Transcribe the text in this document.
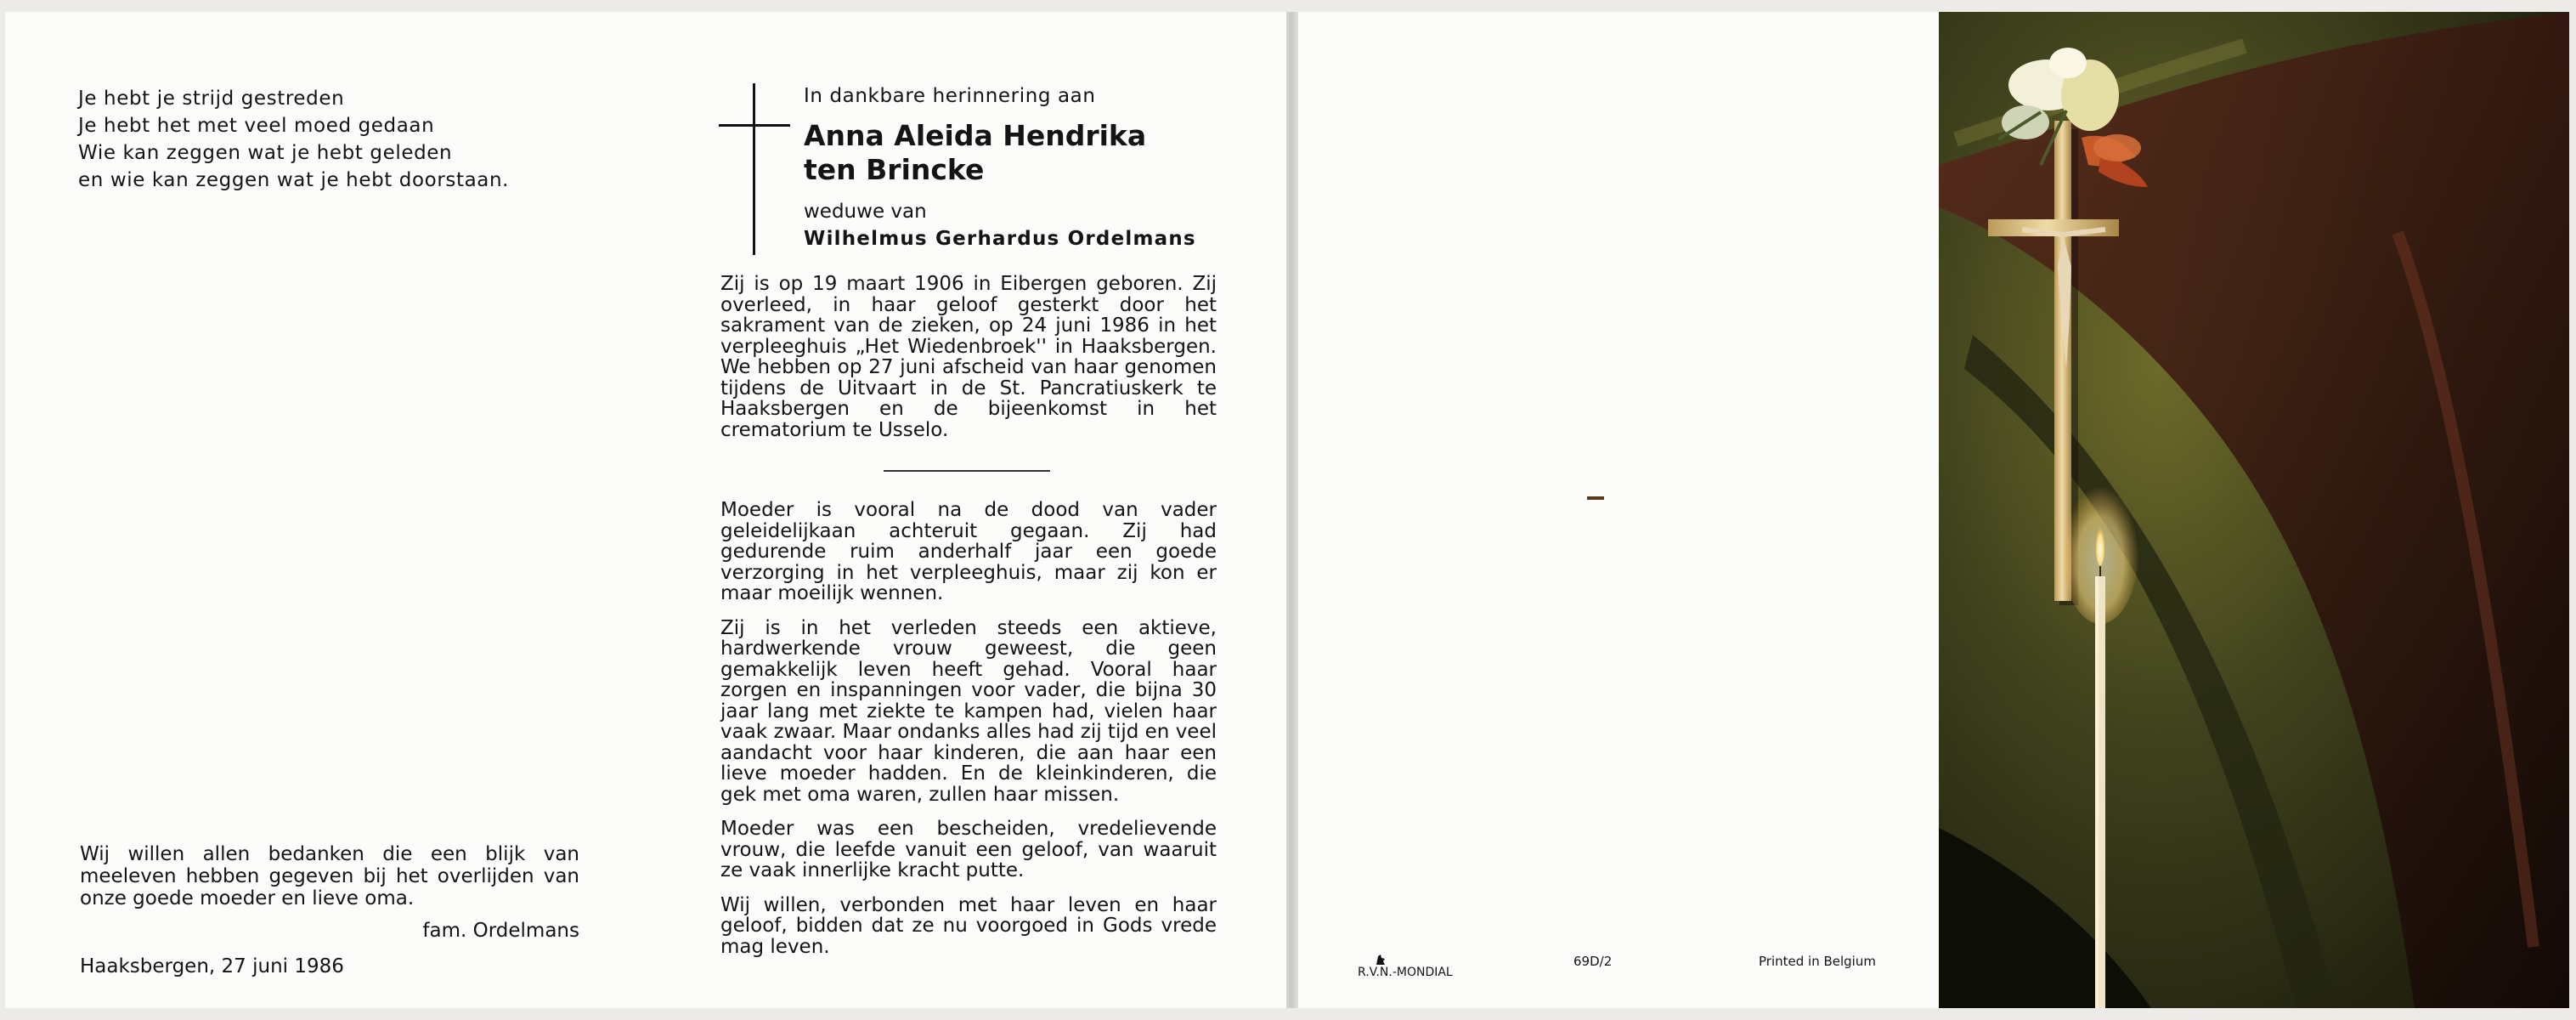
Je hebt je strijd gestreden
Je hebt het met veel moed gedaan
Wie kan zeggen wat je hebt geleden
en wie kan zeggen wat je hebt doorstaan.
Wij willen allen bedanken die een blijk van meeleven hebben gegeven bij het overlijden van onze goede moeder en lieve oma.
fam. Ordelmans
Haaksbergen, 27 juni 1986
In dankbare herinnering aan
Anna Aleida Hendrika
ten Brincke
weduwe van
Wilhelmus Gerhardus Ordelmans
Zij is op 19 maart 1906 in Eibergen geboren. Zij overleed, in haar geloof gesterkt door het sakrament van de zieken, op 24 juni 1986 in het verpleeghuis „Het Wiedenbroek'' in Haaksbergen. We hebben op 27 juni afscheid van haar genomen tijdens de Uitvaart in de St. Pancratiuskerk te Haaksbergen en de bijeenkomst in het crematorium te Usselo.

Moeder is vooral na de dood van vader geleidelijkaan achteruit gegaan. Zij had gedurende ruim anderhalf jaar een goede verzorging in het verpleeghuis, maar zij kon er maar moeilijk wennen.

Zij is in het verleden steeds een aktieve, hardwerkende vrouw geweest, die geen gemakkelijk leven heeft gehad. Vooral haar zorgen en inspanningen voor vader, die bijna 30 jaar lang met ziekte te kampen had, vielen haar vaak zwaar. Maar ondanks alles had zij tijd en veel aandacht voor haar kinderen, die aan haar een lieve moeder hadden. En de kleinkinderen, die gek met oma waren, zullen haar missen.

Moeder was een bescheiden, vredelievende vrouw, die leefde vanuit een geloof, van waaruit ze vaak innerlijke kracht putte.

Wij willen, verbonden met haar leven en haar geloof, bidden dat ze nu voorgoed in Gods vrede mag leven.

R.V.N.-MONDIAL
69D/2	Printed in Belgium
